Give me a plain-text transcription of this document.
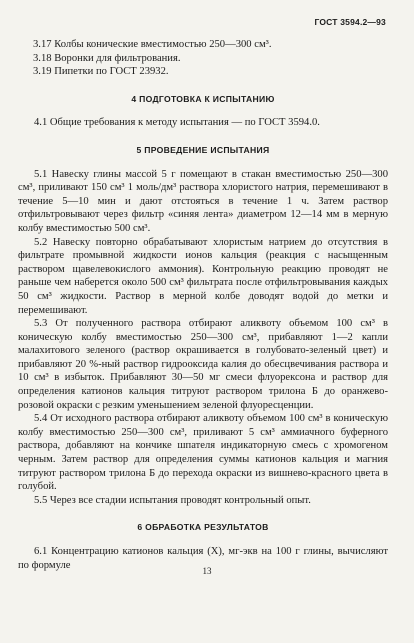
ГОСТ 3594.2—93

3.17 Колбы конические вместимостью 250—300 см³.

3.18 Воронки для фильтрования.

3.19 Пипетки по ГОСТ 23932.

4 ПОДГОТОВКА К ИСПЫТАНИЮ

4.1 Общие требования к методу испытания — по ГОСТ 3594.0.

5 ПРОВЕДЕНИЕ ИСПЫТАНИЯ

5.1 Навеску глины массой 5 г помещают в стакан вместимостью 250—300 см³, приливают 150 см³ 1 моль/дм³ раствора хлористого натрия, перемешивают в течение 5—10 мин и дают отстояться в течение 1 ч. Затем раствор отфильтровывают через фильтр «синяя лента» диаметром 12—14 мм в мерную колбу вместимостью 500 см³.

5.2 Навеску повторно обрабатывают хлористым натрием до отсутствия в фильтрате промывной жидкости ионов кальция (реакция с насыщенным раствором щавелевокислого аммония). Контрольную реакцию проводят не раньше чем наберется около 500 см³ фильтрата после отфильтровывания каждых 50 см³ жидкости. Раствор в мерной колбе доводят водой до метки и перемешивают.

5.3 От полученного раствора отбирают аликвоту объемом 100 см³ в коническую колбу вместимостью 250—300 см³, прибавляют 1—2 капли малахитового зеленого (раствор окрашивается в голубовато-зеленый цвет) и прибавляют 20 %-ный раствор гидрооксида калия до обесцвечивания раствора и 10 см³ в избыток. Прибавляют 30—50 мг смеси флуорексона и раствор для определения катионов кальция титруют раствором трилона Б до оранжево-розовой окраски с резким уменьшением зеленой флуоресценции.

5.4 От исходного раствора отбирают аликвоту объемом 100 см³ в коническую колбу вместимостью 250—300 см³, приливают 5 см³ аммиачного буферного раствора, добавляют на кончике шпателя индикаторную смесь с хромогеном черным. Затем раствор для определения суммы катионов кальция и магния титруют раствором трилона Б до перехода окраски из вишнево-красного цвета в голубой.

5.5 Через все стадии испытания проводят контрольный опыт.

6 ОБРАБОТКА РЕЗУЛЬТАТОВ

6.1 Концентрацию катионов кальция (X), мг-экв на 100 г глины, вычисляют по формуле

13
